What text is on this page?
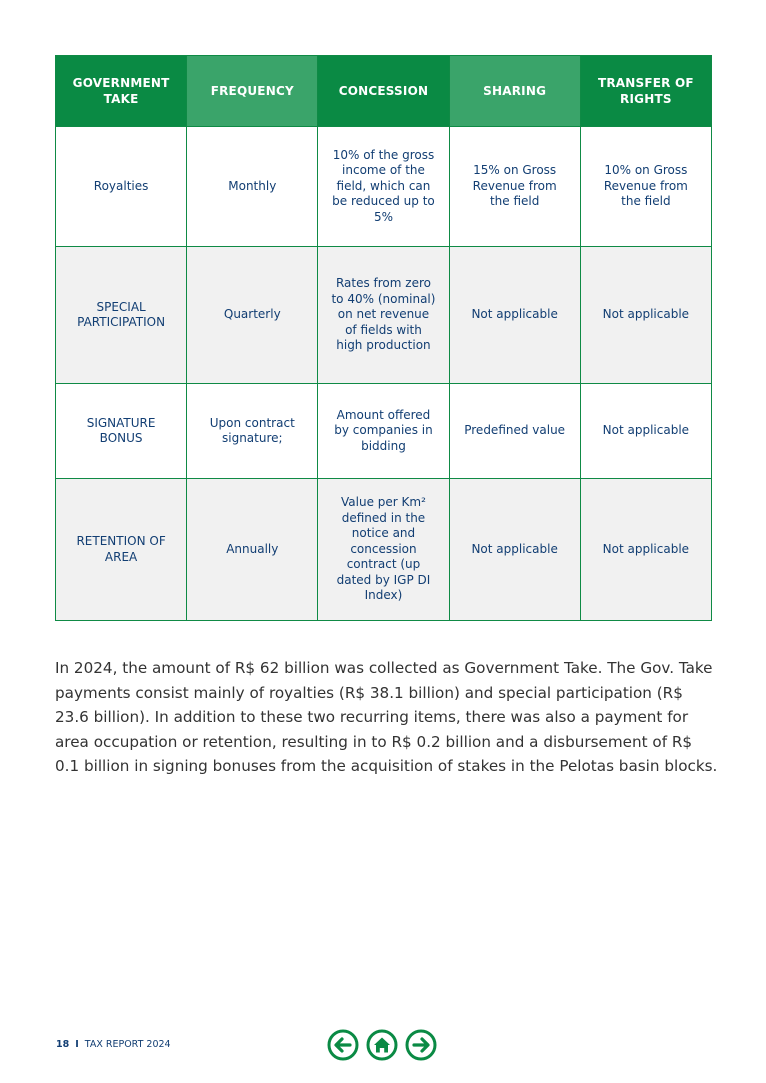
GOVERNMENT TAKE	FREQUENCY	CONCESSION	SHARING	TRANSFER OF RIGHTS
Royalties	Monthly	10% of the gross income of the field, which can be reduced up to 5%	15% on Gross Revenue from the field	10% on Gross Revenue from the field
SPECIAL PARTICIPATION	Quarterly	Rates from zero to 40% (nominal) on net revenue of fields with high production	Not applicable	Not applicable
SIGNATURE BONUS	Upon contract signature;	Amount offered by companies in bidding	Predefined value	Not applicable
RETENTION OF AREA	Annually	Value per Km² defined in the notice and concession contract (up dated by IGP DI Index)	Not applicable	Not applicable

In 2024, the amount of R$ 62 billion was collected as Government Take. The Gov. Take payments consist mainly of royalties (R$ 38.1 billion) and special participation (R$ 23.6 billion). In addition to these two recurring items, there was also a payment for area occupation or retention, resulting in to R$ 0.2 billion and a disbursement of R$ 0.1 billion in signing bonuses from the acquisition of stakes in the Pelotas basin blocks.

18 I TAX REPORT 2024
